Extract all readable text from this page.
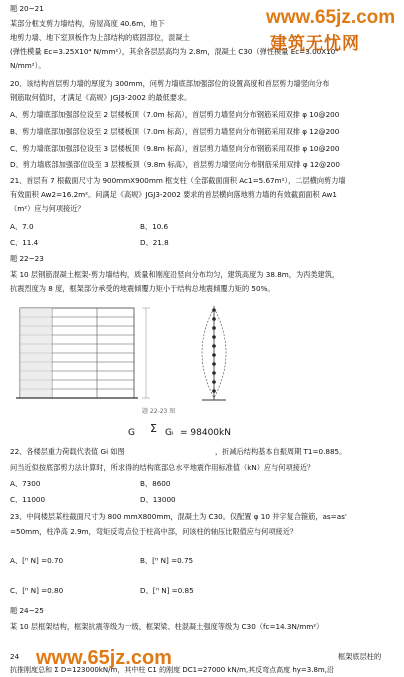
题 20~21
某部分框支剪力墙结构，房屋高度 40.6m，地下
地剪力墙、地下室顶板作为上部结构的底固部位，混凝土
(弹性模量 Ec=3.25X10⁴ N/mm²），其余各层层高均为 2.8m，混凝土 C30（弹性模量 Ec=3.00X10⁴
N/mm²）。
www.65jz.com
建筑无忧网
20、该结构首层剪力墙的厚度为 300mm，问剪力墙底部加强部位的设置高度和首层剪力墙竖向分布
钢筋取何值时，才满足《高规》JGJ3-2002 的最低要求。
A、剪力墙底部加强部位设至 2 层楼板顶（7.0m 标高），首层剪力墙竖向分布钢筋采用双排 φ 10@200
B、剪力墙底部加强部位设至 2 层楼板顶（7.0m 标高），首层剪力墙竖向分布钢筋采用双排 φ 12@200
C、剪力墙底部加强部位设至 3 层楼板顶（9.8m 标高），首层剪力墙竖向分布钢筋采用双排 φ 10@200
D、剪力墙底部加强部位设至 3 层楼板顶（9.8m 标高），首层剪力墙竖向分布钢筋采用双排 φ 12@200
21、首层有 7 根截面尺寸为 900mmX900mm 框支柱（全部截面面积 Ac1=5.67m²），二层横向剪力墙
有效面积 Aw2=16.2m²。问满足《高规》JGJ3-2002 要求的首层横向落地剪力墙的有效截面面积 Aw1
（m²）应与何项接近？
A、7.0	B、10.6
C、11.4	D、21.8
题 22~23
某 10 层钢筋混凝土框架-剪力墙结构，质量和刚度沿竖向分布均匀，建筑高度为 38.8m，为丙类建筑，
抗震烈度为 8 度，框架部分承受的地震倾覆力矩小于结构总地震倾覆力矩的 50%。
题 22-23 图
G Σ Gᵢ = 98400kN
22、各楼层重力荷载代表值 Gi 如图	，折减后结构基本自振周期 T1=0.885。
问当近似按底部剪力法计算时，所求得的结构底部总水平地震作用标准值（kN）应与何项接近？
A、7300	B、8600
C、11000	D、13000
23、中间楼层某柱截面尺寸为 800 mmX800mm，混凝土为 C30。仅配置 φ 10 井字复合箍筋，as=as'
=50mm，柱净高 2.9m，弯矩反弯点位于柱高中部，问该柱的轴压比限值应与何项接近？
A、[ᴴ N] =0.70	B、[ᴴ N] =0.75
C、[ᴴ N] =0.80	D、[ᴴ N] =0.85
题 24~25
某 10 层框架结构，框架抗震等级为一级，框架梁、柱混凝土强度等级为 C30（fc=14.3N/mm²）
24	框架底层柱的
抗推刚度总和 Σ D=123000kN/m，其中柱 C1 的刚度 DC1=27000 kN/m,其反弯点高度 hy=3.8m,沿
www.65jz.com
